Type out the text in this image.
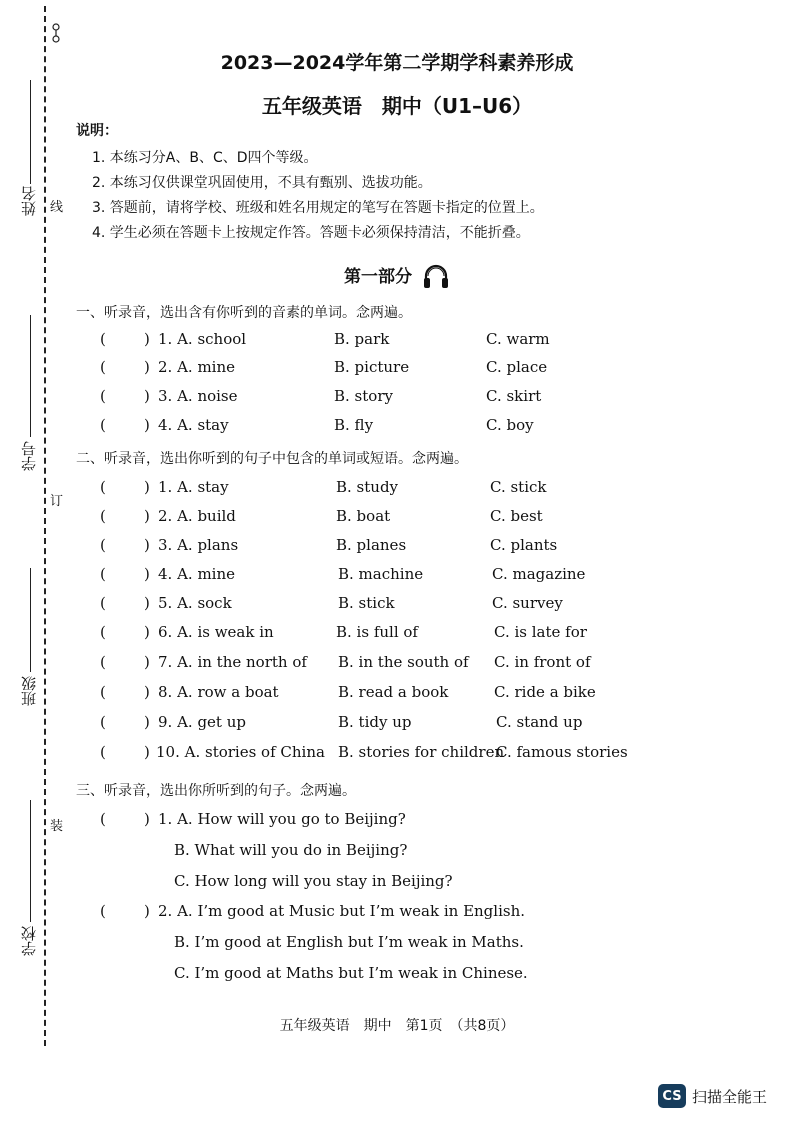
线
订
装
姓名
学号
班级
学校
2023—2024学年第二学期学科素养形成
五年级英语　期中（U1–U6）
说明：
1. 本练习分A、B、C、D四个等级。
2. 本练习仅供课堂巩固使用，不具有甄别、选拔功能。
3. 答题前，请将学校、班级和姓名用规定的笔写在答题卡指定的位置上。
4. 学生必须在答题卡上按规定作答。答题卡必须保持清洁，不能折叠。
第一部分
一、听录音，选出含有你听到的音素的单词。念两遍。
(	) 1. A. school	B. park	C. warm
(	) 2. A. mine	B. picture	C. place
(	) 3. A. noise	B. story	C. skirt
(	) 4. A. stay	B. fly	C. boy
二、听录音，选出你听到的句子中包含的单词或短语。念两遍。
(	) 1. A. stay	B. study	C. stick
(	) 2. A. build	B. boat	C. best
(	) 3. A. plans	B. planes	C. plants
(	) 4. A. mine	B. machine	C. magazine
(	) 5. A. sock	B. stick	C. survey
(	) 6. A. is weak in	B. is full of	C. is late for
(	) 7. A. in the north of B. in the south of C. in front of
(	) 8. A. row a boat	B. read a book	C. ride a bike
(	) 9. A. get up	B. tidy up	C. stand up
(	) 10. A. stories of China B. stories for children
C. famous stories
三、听录音，选出你所听到的句子。念两遍。
(	) 1. A. How will you go to Beijing?
B. What will you do in Beijing?
C. How long will you stay in Beijing?
(	) 2. A. I’m good at Music but I’m weak in English.
B. I’m good at English but I’m weak in Maths.
C. I’m good at Maths but I’m weak in Chinese.
五年级英语　期中　第1页　（共8页）
CS 扫描全能王
